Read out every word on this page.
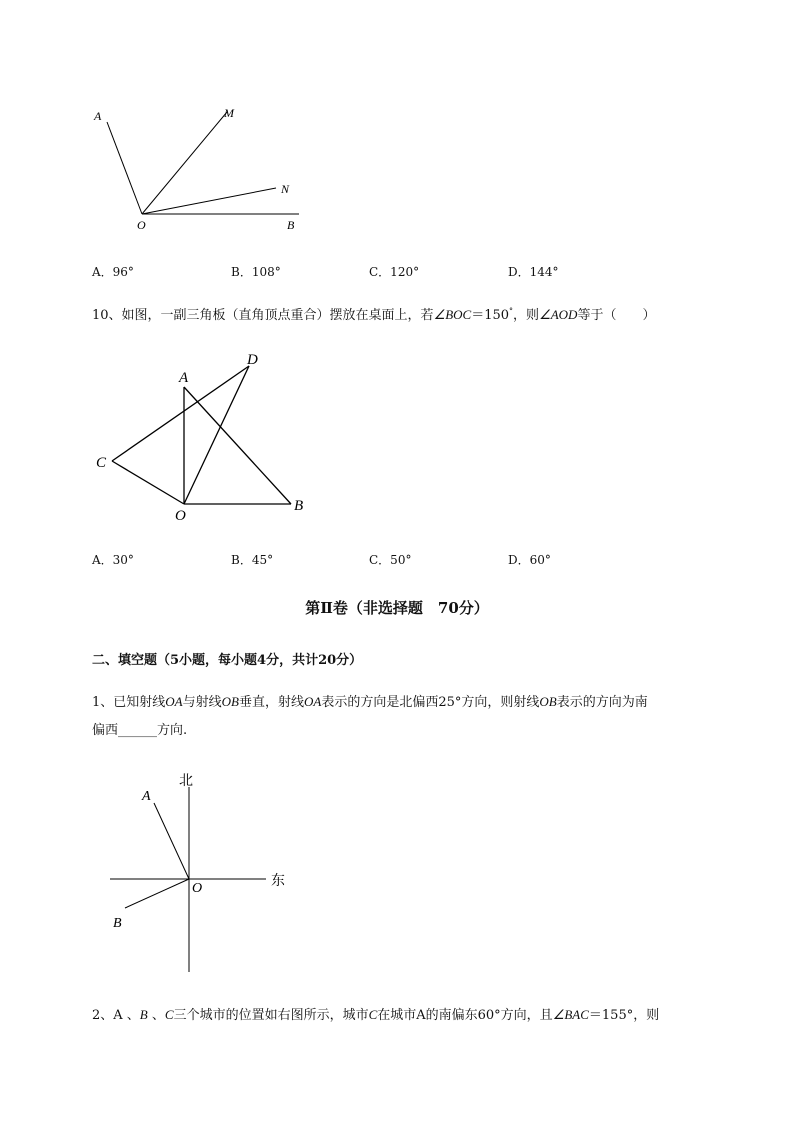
A	M
N
O	B
A．96°	B．108°	C．120°	D．144°
10、如图，一副三角板（直角顶点重合）摆放在桌面上，若∠BOC＝150°，则∠AOD等于（　　）
A
D
C
O
B
A．30°	B．45°	C．50°	D．60°
第Ⅱ卷（非选择题　70分）
二、填空题（5小题，每小题4分，共计20分）
1、已知射线OA与射线OB垂直，射线OA表示的方向是北偏西25°方向，则射线OB表示的方向为南
偏西______方向.
北
东
A
O
B
2、A 、B 、C三个城市的位置如右图所示，城市C在城市A的南偏东60°方向，且∠BAC＝155°，则
